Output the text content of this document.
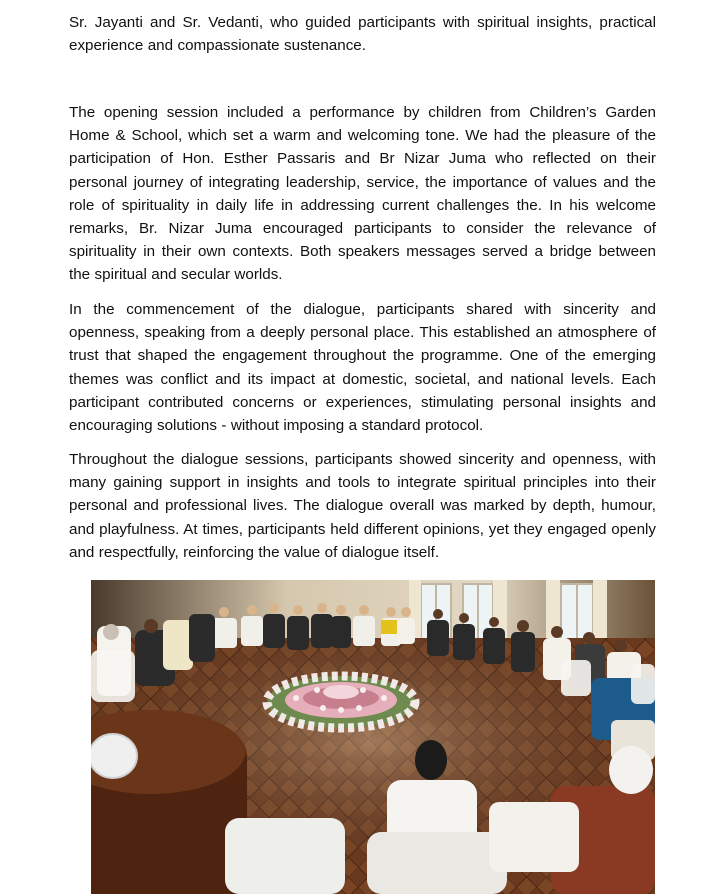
Sr. Jayanti and Sr. Vedanti, who guided participants with spiritual insights, practical experience and compassionate sustenance.

The opening session included a performance by children from Children’s Garden Home & School, which set a warm and welcoming tone. We had the pleasure of the participation of Hon. Esther Passaris and Br Nizar Juma who reflected on their personal journey of integrating leadership, service, the importance of values and the role of spirituality in daily life in addressing current challenges the. In his welcome remarks, Br. Nizar Juma encouraged participants to consider the relevance of spirituality in their own contexts. Both speakers messages served a bridge between the spiritual and secular worlds.

In the commencement of the dialogue, participants shared with sincerity and openness, speaking from a deeply personal place. This established an atmosphere of trust that shaped the engagement throughout the programme. One of the emerging themes was conflict and its impact at domestic, societal, and national levels. Each participant contributed concerns or experiences, stimulating personal insights and encouraging solutions - without imposing a standard protocol.

Throughout the dialogue sessions, participants showed sincerity and openness, with many gaining support in insights and tools to integrate spiritual principles into their personal and professional lives. The dialogue overall was marked by depth, humour, and playfulness. At times, participants held different opinions, yet they engaged openly and respectfully, reinforcing the value of dialogue itself.
